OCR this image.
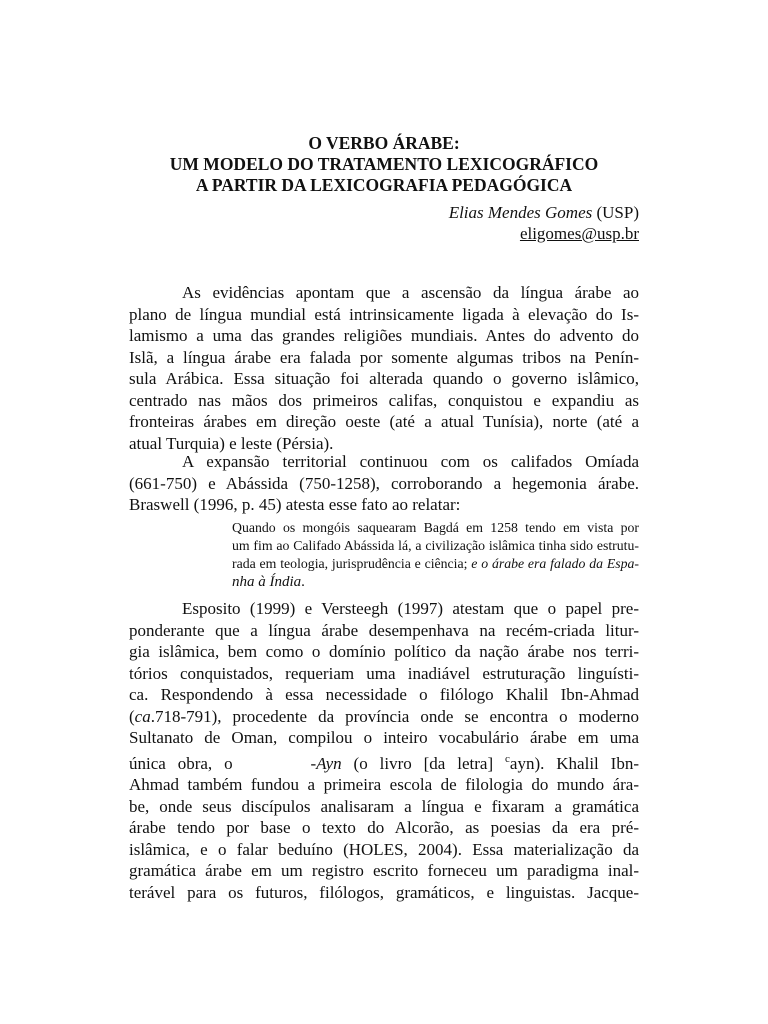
O VERBO ÁRABE:
UM MODELO DO TRATAMENTO LEXICOGRÁFICO
A PARTIR DA LEXICOGRAFIA PEDAGÓGICA
Elias Mendes Gomes (USP)
eligomes@usp.br
As evidências apontam que a ascensão da língua árabe ao
plano de língua mundial está intrinsicamente ligada à elevação do Is-
lamismo a uma das grandes religiões mundiais. Antes do advento do
Islã, a língua árabe era falada por somente algumas tribos na Penín-
sula Arábica. Essa situação foi alterada quando o governo islâmico,
centrado nas mãos dos primeiros califas, conquistou e expandiu as
fronteiras árabes em direção oeste (até a atual Tunísia), norte (até a
atual Turquia) e leste (Pérsia).
A expansão territorial continuou com os califados Omíada
(661-750) e Abássida (750-1258), corroborando a hegemonia árabe.
Braswell (1996, p. 45) atesta esse fato ao relatar:
Quando os mongóis saquearam Bagdá em 1258 tendo em vista por
um fim ao Califado Abássida lá, a civilização islâmica tinha sido estrutu-
rada em teologia, jurisprudência e ciência; e o árabe era falado da Espa-
nha à Índia.
Esposito (1999) e Versteegh (1997) atestam que o papel pre-
ponderante que a língua árabe desempenhava na recém-criada litur-
gia islâmica, bem como o domínio político da nação árabe nos terri-
tórios conquistados, requeriam uma inadiável estruturação linguísti-
ca. Respondendo à essa necessidade o filólogo Khalil Ibn-Ahmad
(ca.718-791), procedente da província onde se encontra o moderno
Sultanato de Oman, compilou o inteiro vocabulário árabe em uma
única obra, o	-Ayn (o livro [da letra] $^c$ayn). Khalil Ibn-
Ahmad também fundou a primeira escola de filologia do mundo ára-
be, onde seus discípulos analisaram a língua e fixaram a gramática
árabe tendo por base o texto do Alcorão, as poesias da era pré-
islâmica, e o falar beduíno (HOLES, 2004). Essa materialização da
gramática árabe em um registro escrito forneceu um paradigma inal-
terável para os futuros, filólogos, gramáticos, e linguistas. Jacque-
